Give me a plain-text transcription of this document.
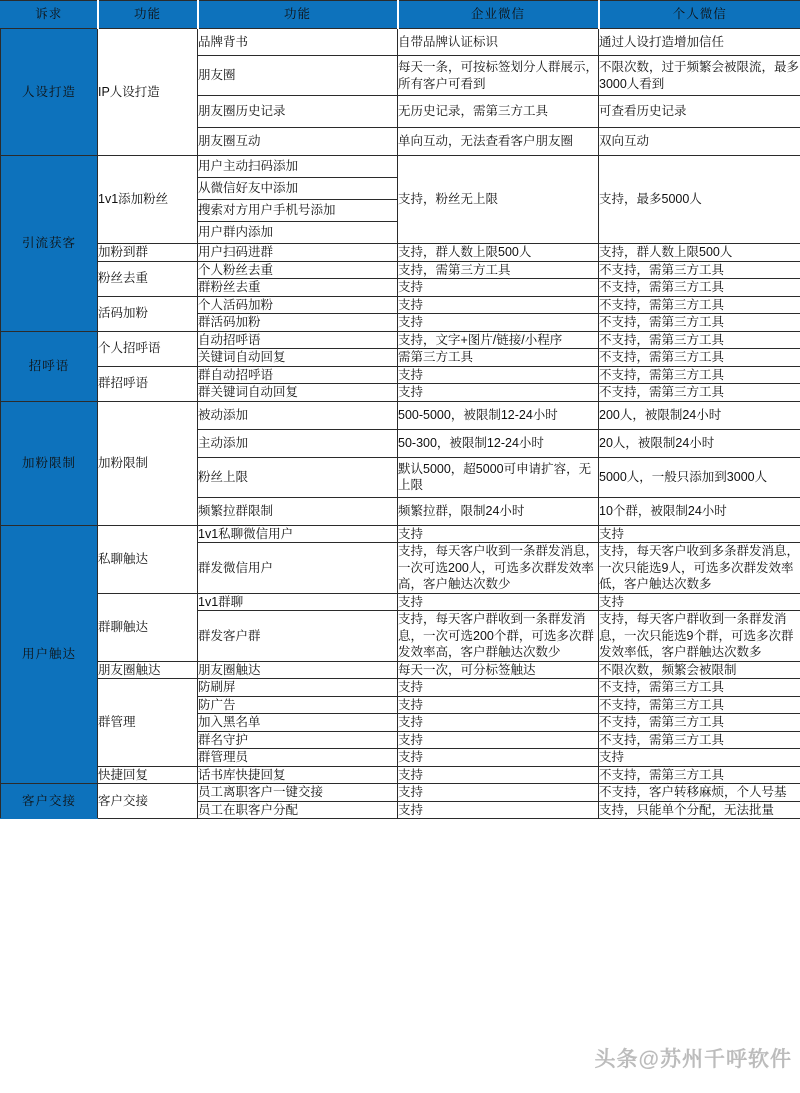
诉求	功能	功能	企业微信	个人微信
人设打造	IP人设打造	品牌背书	自带品牌认证标识	通过人设打造增加信任
		朋友圈	每天一条，可按标签划分人群展示，所有客户可看到	不限次数，过于频繁会被限流，最多3000人看到
		朋友圈历史记录	无历史记录，需第三方工具	可查看历史记录
		朋友圈互动	单向互动，无法查看客户朋友圈	双向互动
引流获客	1v1添加粉丝	用户主动扫码添加	支持，粉丝无上限	支持，最多5000人
		从微信好友中添加		
		搜索对方用户手机号添加		
		用户群内添加		
	加粉到群	用户扫码进群	支持，群人数上限500人	支持，群人数上限500人
	粉丝去重	个人粉丝去重	支持，需第三方工具	不支持，需第三方工具
		群粉丝去重	支持	不支持，需第三方工具
	活码加粉	个人活码加粉	支持	不支持，需第三方工具
		群活码加粉	支持	不支持，需第三方工具
招呼语	个人招呼语	自动招呼语	支持，文字+图片/链接/小程序	不支持，需第三方工具
		关键词自动回复	需第三方工具	不支持，需第三方工具
	群招呼语	群自动招呼语	支持	不支持，需第三方工具
		群关键词自动回复	支持	不支持，需第三方工具
加粉限制	加粉限制	被动添加	500-5000，被限制12-24小时	200人，被限制24小时
		主动添加	50-300，被限制12-24小时	20人，被限制24小时
		粉丝上限	默认5000，超5000可申请扩容，无上限	5000人，一般只添加到3000人
		频繁拉群限制	频繁拉群，限制24小时	10个群，被限制24小时
用户触达	私聊触达	1v1私聊微信用户	支持	支持
		群发微信用户	支持，每天客户收到一条群发消息，一次可选200人，可选多次群发效率高，客户触达次数少	支持，每天客户收到多条群发消息，一次只能选9人，可选多次群发效率低，客户触达次数多
	群聊触达	1v1群聊	支持	支持
		群发客户群	支持，每天客户群收到一条群发消息，一次可选200个群，可选多次群发效率高，客户群触达次数少	支持，每天客户群收到一条群发消息，一次只能选9个群，可选多次群发效率低，客户群触达次数多
	朋友圈触达	朋友圈触达	每天一次，可分标签触达	不限次数，频繁会被限制
	群管理	防刷屏	支持	不支持，需第三方工具
		防广告	支持	不支持，需第三方工具
		加入黑名单	支持	不支持，需第三方工具
		群名守护	支持	不支持，需第三方工具
		群管理员	支持	支持
	快捷回复	话书库快捷回复	支持	不支持，需第三方工具
客户交接	客户交接	员工离职客户一键交接	支持	不支持，客户转移麻烦，个人号基
		员工在职客户分配	支持	支持，只能单个分配，无法批量
头条@苏州千呼软件
